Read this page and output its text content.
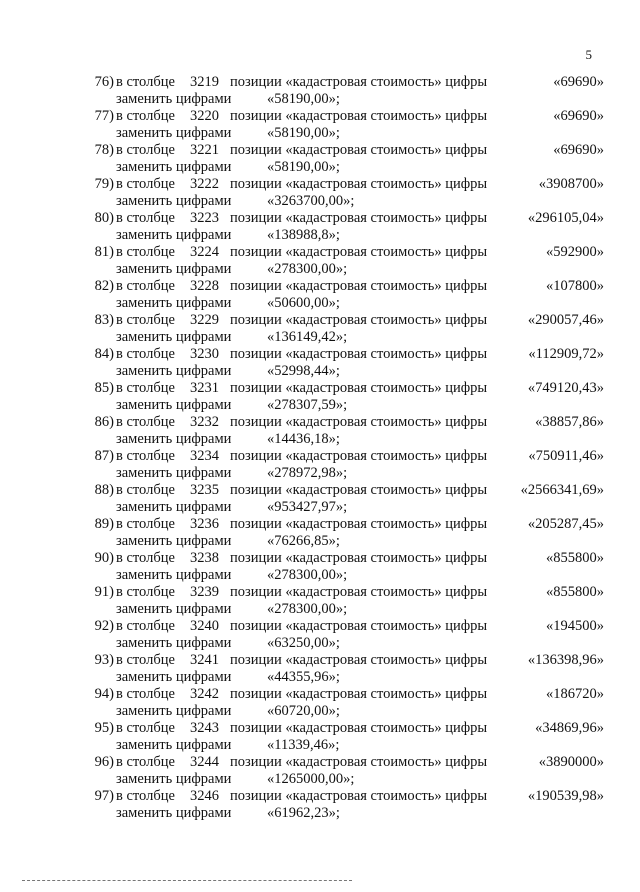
5
76) в столбце 3219 позиции «кадастровая стоимость» цифры	«69690»
заменить цифрами «58190,00»;
77) в столбце 3220 позиции «кадастровая стоимость» цифры	«69690»
заменить цифрами «58190,00»;
78) в столбце 3221 позиции «кадастровая стоимость» цифры	«69690»
заменить цифрами «58190,00»;
79) в столбце 3222 позиции «кадастровая стоимость» цифры	«3908700»
заменить цифрами «3263700,00»;
80) в столбце 3223 позиции «кадастровая стоимость» цифры	«296105,04»
заменить цифрами «138988,8»;
81) в столбце 3224 позиции «кадастровая стоимость» цифры	«592900»
заменить цифрами «278300,00»;
82) в столбце 3228 позиции «кадастровая стоимость» цифры	«107800»
заменить цифрами «50600,00»;
83) в столбце 3229 позиции «кадастровая стоимость» цифры	«290057,46»
заменить цифрами «136149,42»;
84) в столбце 3230 позиции «кадастровая стоимость» цифры	«112909,72»
заменить цифрами «52998,44»;
85) в столбце 3231 позиции «кадастровая стоимость» цифры	«749120,43»
заменить цифрами «278307,59»;
86) в столбце 3232 позиции «кадастровая стоимость» цифры	«38857,86»
заменить цифрами «14436,18»;
87) в столбце 3234 позиции «кадастровая стоимость» цифры	«750911,46»
заменить цифрами «278972,98»;
88) в столбце 3235 позиции «кадастровая стоимость» цифры «2566341,69»
заменить цифрами «953427,97»;
89) в столбце 3236 позиции «кадастровая стоимость» цифры	«205287,45»
заменить цифрами «76266,85»;
90) в столбце 3238 позиции «кадастровая стоимость» цифры	«855800»
заменить цифрами «278300,00»;
91) в столбце 3239 позиции «кадастровая стоимость» цифры	«855800»
заменить цифрами «278300,00»;
92) в столбце 3240 позиции «кадастровая стоимость» цифры	«194500»
заменить цифрами «63250,00»;
93) в столбце 3241 позиции «кадастровая стоимость» цифры	«136398,96»
заменить цифрами «44355,96»;
94) в столбце 3242 позиции «кадастровая стоимость» цифры	«186720»
заменить цифрами «60720,00»;
95) в столбце 3243 позиции «кадастровая стоимость» цифры	«34869,96»
заменить цифрами «11339,46»;
96) в столбце 3244 позиции «кадастровая стоимость» цифры	«3890000»
заменить цифрами «1265000,00»;
97) в столбце 3246 позиции «кадастровая стоимость» цифры	«190539,98»
заменить цифрами «61962,23»;
